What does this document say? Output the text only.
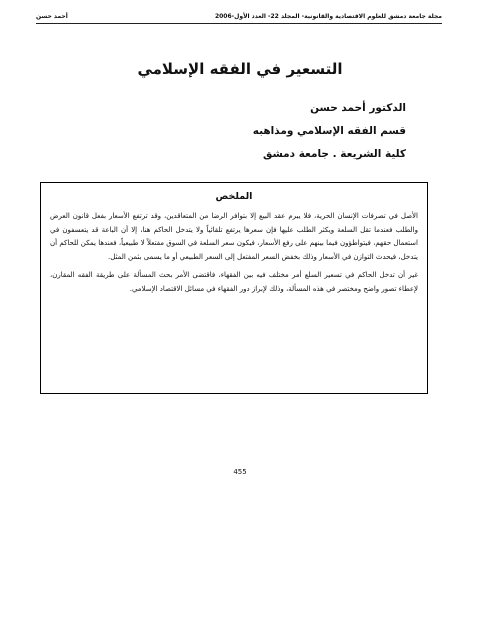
مجلة جامعة دمشق للعلوم الاقتصادية والقانونية- المجلد 22- العدد الأول-2006
أحمد حسن
التسعير في الفقه الإسلامي
الدكتور أحمد حسن
قسم الفقه الإسلامي ومذاهبه
كلية الشريعة . جامعة دمشق
الملخص

الأصل في تصرفات الإنسان الحرية، فلا يبرم عقد البيع إلا بتوافر الرضا من المتعاقدين، وقد ترتفع الأسعار بفعل قانون العرض والطلب فعندما تقل السلعة ويكثر الطلب عليها فإن سعرها يرتفع تلقائياً ولا يتدخل الحاكم هنا، إلا أن الباعة قد يتعسفون في استعمال حقهم، فيتواطؤون فيما بينهم على رفع الأسعار، فيكون سعر السلعة في السوق مفتعلاً لا طبيعياً، فعندها يمكن للحاكم أن يتدخل، فيحدث التوازن في الأسعار وذلك بخفض السعر المفتعل إلى السعر الطبيعي أو ما يسمى بثمن المثل.

غير أن تدخل الحاكم في تسعير السلع أمر مختلف فيه بين الفقهاء، فاقتضى الأمر بحث المسألة على طريقة الفقه المقارن، لإعطاء تصور واضح ومختصر في هذه المسألة، وذلك لإبراز دور الفقهاء في مسائل الاقتصاد الإسلامي.

455
